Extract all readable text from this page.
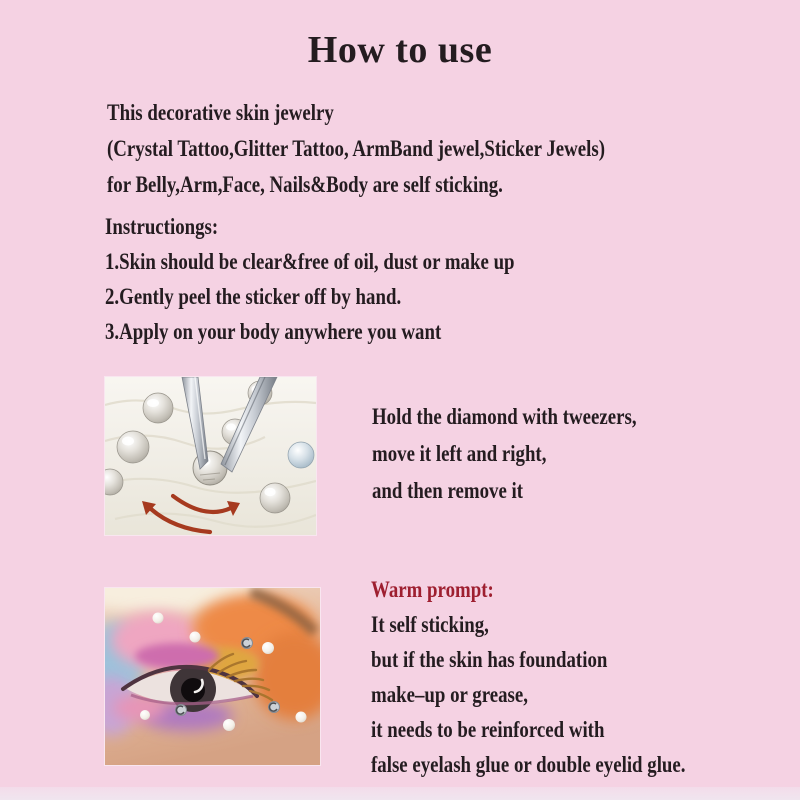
How to use

This decorative skin jewelry

(Crystal Tattoo,Glitter Tattoo, ArmBand jewel,Sticker Jewels)

for Belly,Arm,Face, Nails&Body are self sticking.

Instructiongs:

1.Skin should be clear&free of oil, dust or make up

2.Gently peel the sticker off by hand.

3.Apply on your body anywhere you want

Hold the diamond with tweezers,

move it left and right,

and then remove it

Warm prompt:

It self sticking,

but if the skin has foundation

make–up or grease,

it needs to be reinforced with

false eyelash glue or double eyelid glue.
